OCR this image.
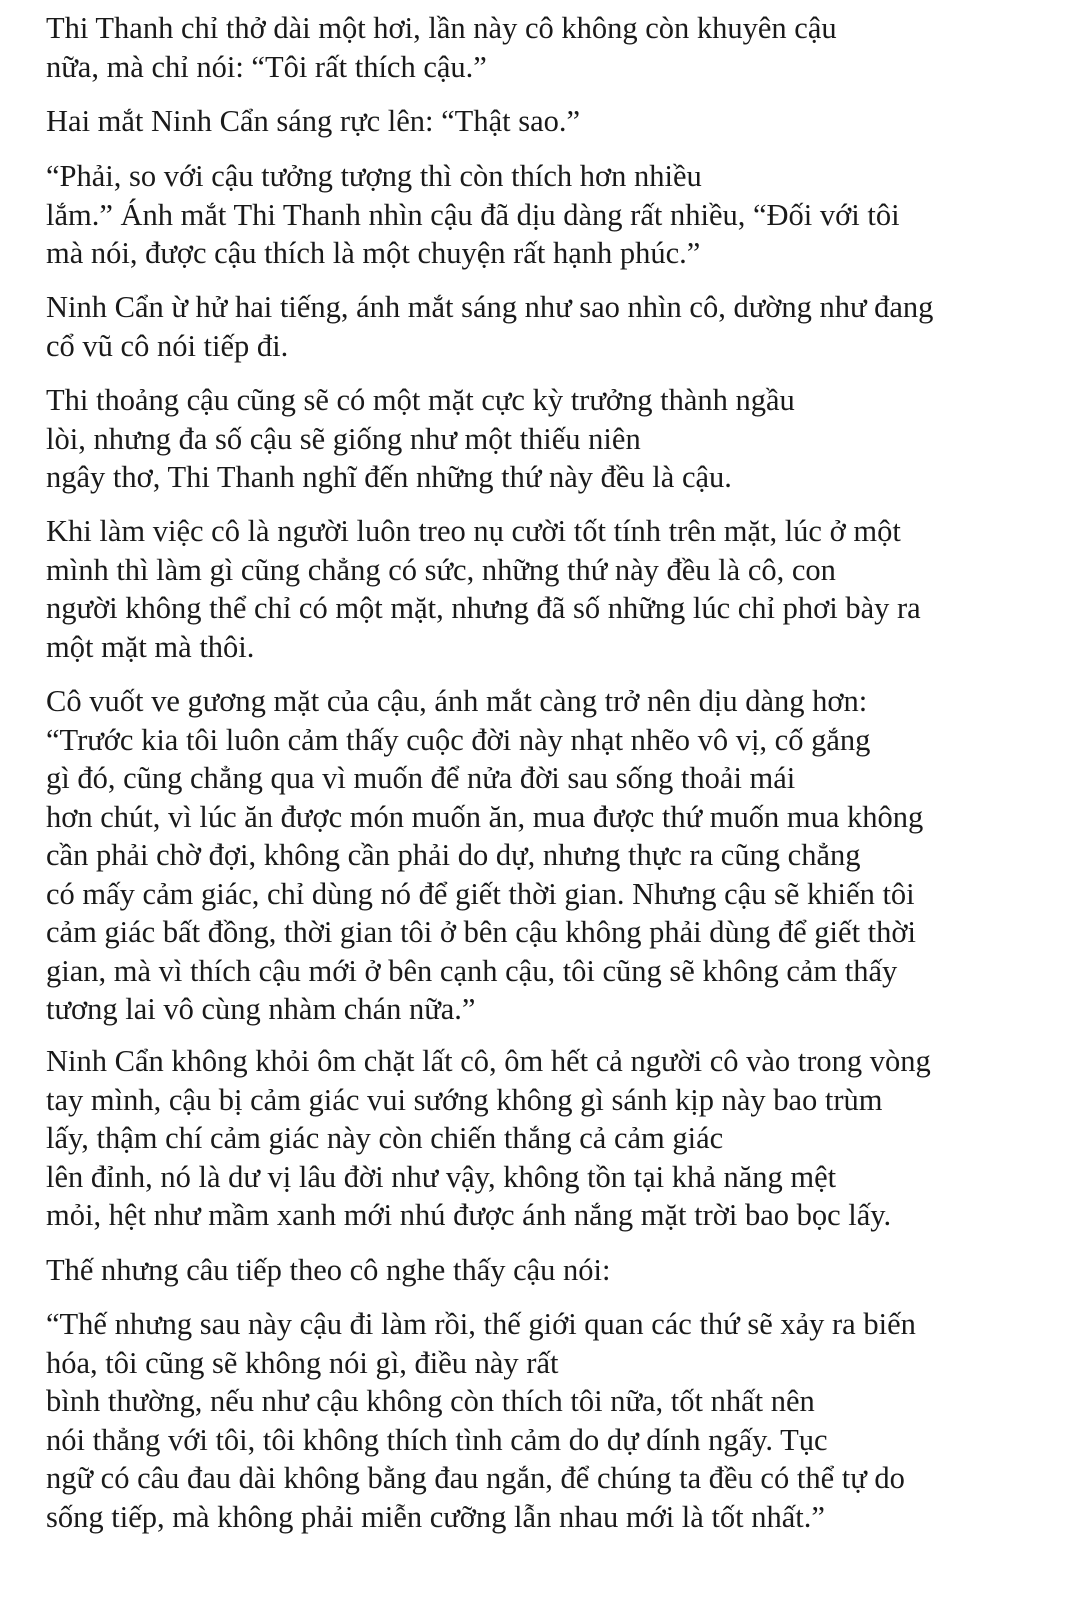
Thi Thanh chỉ thở dài một hơi, lần này cô không còn khuyên cậu
nữa, mà chỉ nói: “Tôi rất thích cậu.”

Hai mắt Ninh Cẩn sáng rực lên: “Thật sao.”

“Phải, so với cậu tưởng tượng thì còn thích hơn nhiều
lắm.” Ánh mắt Thi Thanh nhìn cậu đã dịu dàng rất nhiều, “Đối với tôi
mà nói, được cậu thích là một chuyện rất hạnh phúc.”

Ninh Cẩn ừ hử hai tiếng, ánh mắt sáng như sao nhìn cô, dường như đang
cổ vũ cô nói tiếp đi.

Thi thoảng cậu cũng sẽ có một mặt cực kỳ trưởng thành ngầu
lòi, nhưng đa số cậu sẽ giống như một thiếu niên
ngây thơ, Thi Thanh nghĩ đến những thứ này đều là cậu.

Khi làm việc cô là người luôn treo nụ cười tốt tính trên mặt, lúc ở một
mình thì làm gì cũng chẳng có sức, những thứ này đều là cô, con
người không thể chỉ có một mặt, nhưng đã số những lúc chỉ phơi bày ra
một mặt mà thôi.

Cô vuốt ve gương mặt của cậu, ánh mắt càng trở nên dịu dàng hơn:
“Trước kia tôi luôn cảm thấy cuộc đời này nhạt nhẽo vô vị, cố gắng
gì đó, cũng chẳng qua vì muốn để nửa đời sau sống thoải mái
hơn chút, vì lúc ăn được món muốn ăn, mua được thứ muốn mua không
cần phải chờ đợi, không cần phải do dự, nhưng thực ra cũng chẳng
có mấy cảm giác, chỉ dùng nó để giết thời gian. Nhưng cậu sẽ khiến tôi
cảm giác bất đồng, thời gian tôi ở bên cậu không phải dùng để giết thời
gian, mà vì thích cậu mới ở bên cạnh cậu, tôi cũng sẽ không cảm thấy
tương lai vô cùng nhàm chán nữa.”

Ninh Cẩn không khỏi ôm chặt lất cô, ôm hết cả người cô vào trong vòng
tay mình, cậu bị cảm giác vui sướng không gì sánh kịp này bao trùm
lấy, thậm chí cảm giác này còn chiến thắng cả cảm giác
lên đỉnh, nó là dư vị lâu đời như vậy, không tồn tại khả năng mệt
mỏi, hệt như mầm xanh mới nhú được ánh nắng mặt trời bao bọc lấy.

Thế nhưng câu tiếp theo cô nghe thấy cậu nói:

“Thế nhưng sau này cậu đi làm rồi, thế giới quan các thứ sẽ xảy ra biến
hóa, tôi cũng sẽ không nói gì, điều này rất
bình thường, nếu như cậu không còn thích tôi nữa, tốt nhất nên
nói thẳng với tôi, tôi không thích tình cảm do dự dính ngấy. Tục
ngữ có câu đau dài không bằng đau ngắn, để chúng ta đều có thể tự do
sống tiếp, mà không phải miễn cưỡng lẫn nhau mới là tốt nhất.”
